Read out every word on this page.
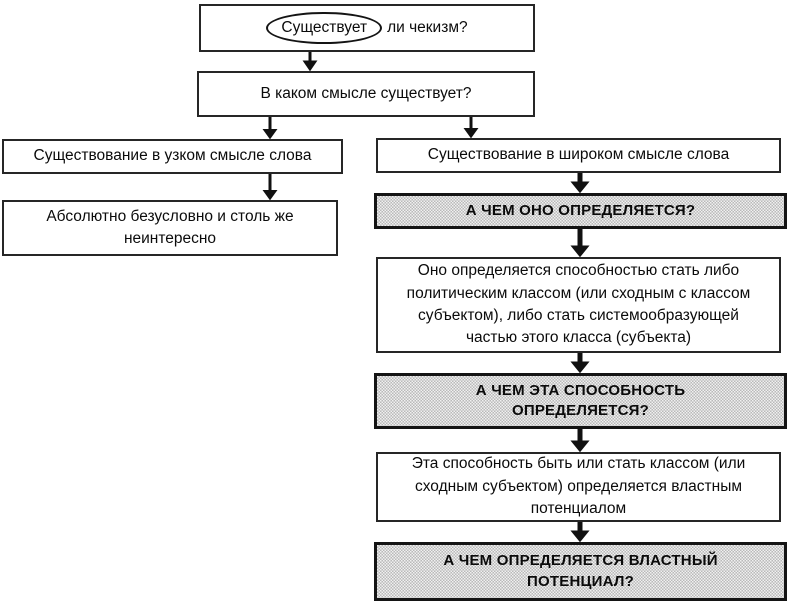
Существует ли чекизм?
В каком смысле существует?
Существование в узком смысле слова
Абсолютно безусловно и столь же неинтересно
Существование в широком смысле слова
А ЧЕМ ОНО ОПРЕДЕЛЯЕТСЯ?
Оно определяется способностью стать либо политическим классом (или сходным с классом субъектом), либо стать системообразующей частью этого класса (субъекта)
А ЧЕМ ЭТА СПОСОБНОСТЬ ОПРЕДЕЛЯЕТСЯ?
Эта способность быть или стать классом (или сходным субъектом) определяется властным потенциалом
А ЧЕМ ОПРЕДЕЛЯЕТСЯ ВЛАСТНЫЙ ПОТЕНЦИАЛ?
